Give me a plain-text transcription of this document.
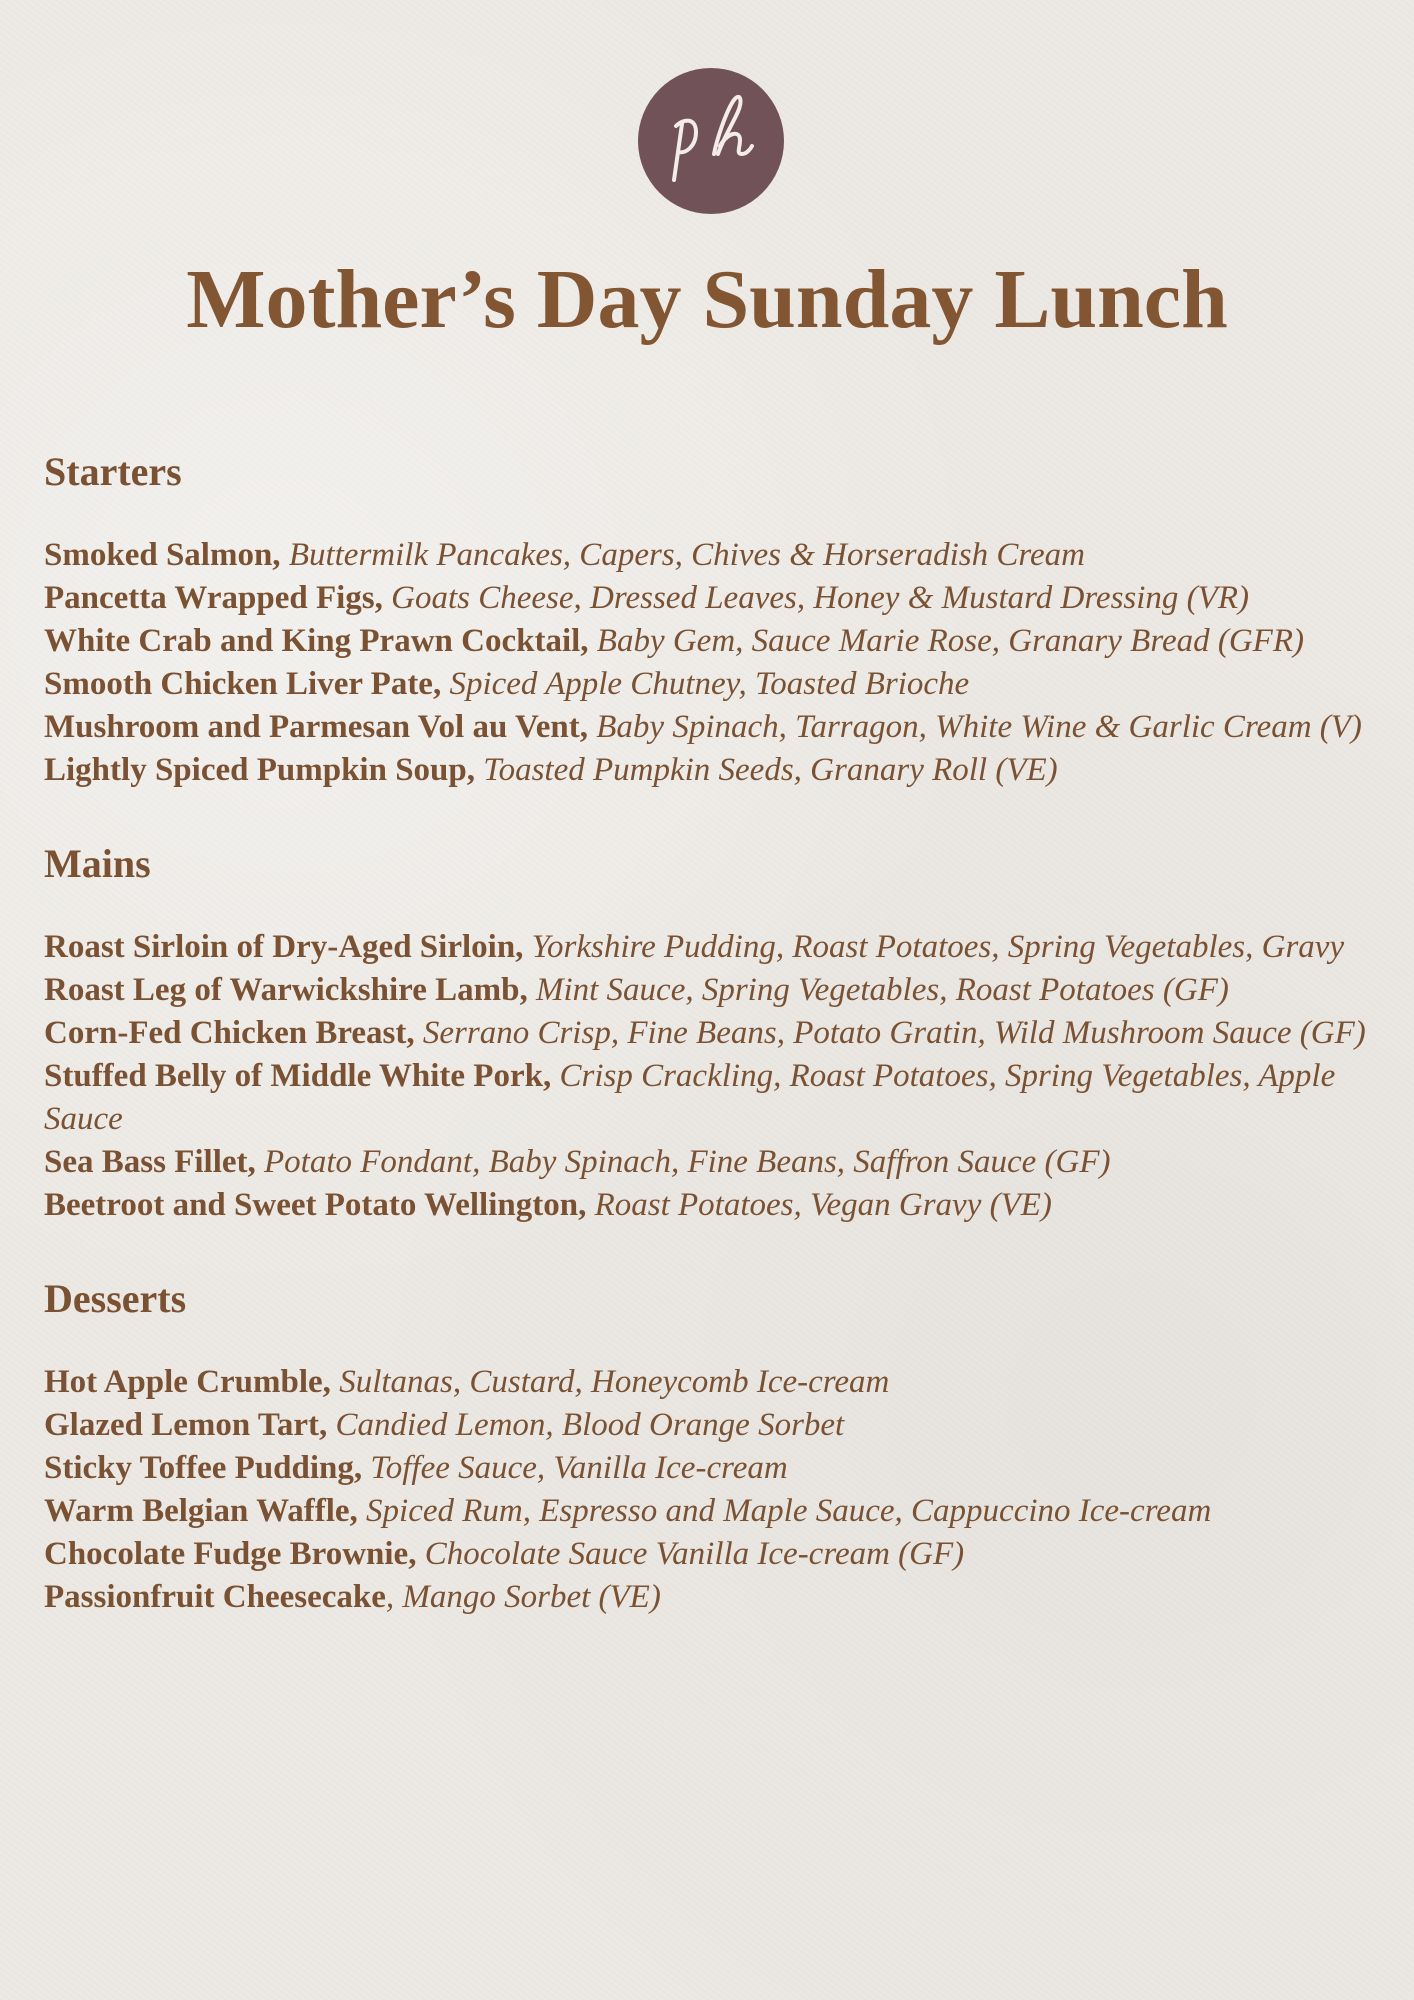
Mother’s Day Sunday Lunch
Starters
Smoked Salmon, Buttermilk Pancakes, Capers, Chives & Horseradish Cream
Pancetta Wrapped Figs, Goats Cheese, Dressed Leaves, Honey & Mustard Dressing (VR)
White Crab and King Prawn Cocktail, Baby Gem, Sauce Marie Rose, Granary Bread (GFR)
Smooth Chicken Liver Pate, Spiced Apple Chutney, Toasted Brioche
Mushroom and Parmesan Vol au Vent, Baby Spinach, Tarragon, White Wine & Garlic Cream (V)
Lightly Spiced Pumpkin Soup, Toasted Pumpkin Seeds, Granary Roll (VE)
Mains
Roast Sirloin of Dry-Aged Sirloin, Yorkshire Pudding, Roast Potatoes, Spring Vegetables, Gravy
Roast Leg of Warwickshire Lamb, Mint Sauce, Spring Vegetables, Roast Potatoes (GF)
Corn-Fed Chicken Breast, Serrano Crisp, Fine Beans, Potato Gratin, Wild Mushroom Sauce (GF)
Stuffed Belly of Middle White Pork, Crisp Crackling, Roast Potatoes, Spring Vegetables, Apple Sauce
Sea Bass Fillet, Potato Fondant, Baby Spinach, Fine Beans, Saffron Sauce (GF)
Beetroot and Sweet Potato Wellington, Roast Potatoes, Vegan Gravy (VE)
Desserts
Hot Apple Crumble, Sultanas, Custard, Honeycomb Ice-cream
Glazed Lemon Tart, Candied Lemon, Blood Orange Sorbet
Sticky Toffee Pudding, Toffee Sauce, Vanilla Ice-cream
Warm Belgian Waffle, Spiced Rum, Espresso and Maple Sauce, Cappuccino Ice-cream
Chocolate Fudge Brownie, Chocolate Sauce Vanilla Ice-cream (GF)
Passionfruit Cheesecake, Mango Sorbet (VE)
